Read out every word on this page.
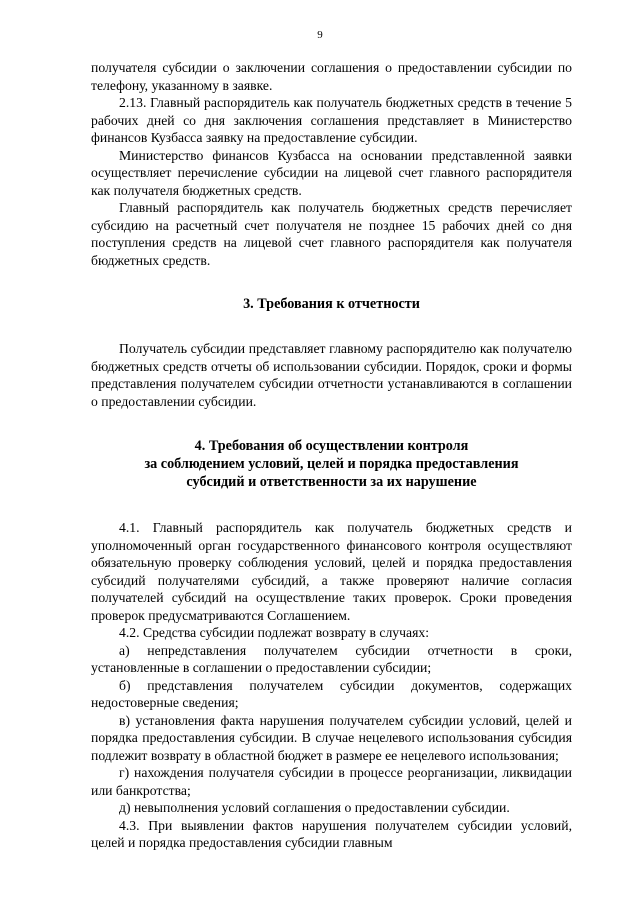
9

получателя субсидии о заключении соглашения о предоставлении субсидии по телефону, указанному в заявке.

2.13. Главный распорядитель как получатель бюджетных средств в течение 5 рабочих дней со дня заключения соглашения представляет в Министерство финансов Кузбасса заявку на предоставление субсидии.

Министерство финансов Кузбасса на основании представленной заявки осуществляет перечисление субсидии на лицевой счет главного распорядителя как получателя бюджетных средств.

Главный распорядитель как получатель бюджетных средств перечисляет субсидию на расчетный счет получателя не позднее 15 рабочих дней со дня поступления средств на лицевой счет главного распорядителя как получателя бюджетных средств.

3. Требования к отчетности

Получатель субсидии представляет главному распорядителю как получателю бюджетных средств отчеты об использовании субсидии. Порядок, сроки и формы представления получателем субсидии отчетности устанавливаются в соглашении о предоставлении субсидии.

4. Требования об осуществлении контроля
за соблюдением условий, целей и порядка предоставления
субсидий и ответственности за их нарушение

4.1. Главный распорядитель как получатель бюджетных средств и уполномоченный орган государственного финансового контроля осуществляют обязательную проверку соблюдения условий, целей и порядка предоставления субсидий получателями субсидий, а также проверяют наличие согласия получателей субсидий на осуществление таких проверок. Сроки проведения проверок предусматриваются Соглашением.

4.2. Средства субсидии подлежат возврату в случаях:

а) непредставления получателем субсидии отчетности в сроки, установленные в соглашении о предоставлении субсидии;

б) представления получателем субсидии документов, содержащих недостоверные сведения;

в) установления факта нарушения получателем субсидии условий, целей и порядка предоставления субсидии. В случае нецелевого использования субсидия подлежит возврату в областной бюджет в размере ее нецелевого использования;

г) нахождения получателя субсидии в процессе реорганизации, ликвидации или банкротства;

д) невыполнения условий соглашения о предоставлении субсидии.

4.3. При выявлении фактов нарушения получателем субсидии условий, целей и порядка предоставления субсидии главным
